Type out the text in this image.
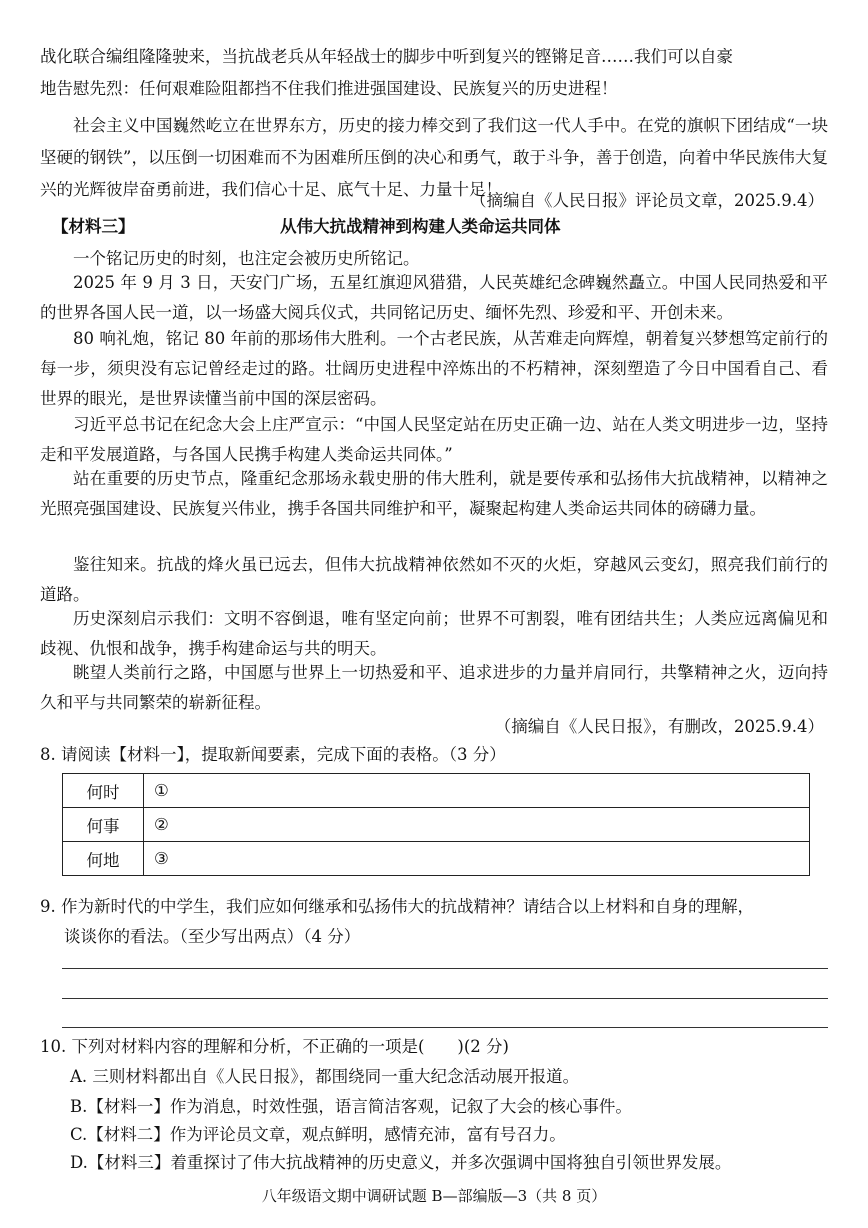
战化联合编组隆隆驶来，当抗战老兵从年轻战士的脚步中听到复兴的铿锵足音……我们可以自豪
地告慰先烈：任何艰难险阻都挡不住我们推进强国建设、民族复兴的历史进程！
社会主义中国巍然屹立在世界东方，历史的接力棒交到了我们这一代人手中。在党的旗帜下团结成“一块坚硬的钢铁”，以压倒一切困难而不为困难所压倒的决心和勇气，敢于斗争，善于创造，向着中华民族伟大复兴的光辉彼岸奋勇前进，我们信心十足、底气十足、力量十足！
（摘编自《人民日报》评论员文章，2025.9.4）
【材料三】	从伟大抗战精神到构建人类命运共同体
一个铭记历史的时刻，也注定会被历史所铭记。
2025 年 9 月 3 日，天安门广场，五星红旗迎风猎猎，人民英雄纪念碑巍然矗立。中国人民同热爱和平的世界各国人民一道，以一场盛大阅兵仪式，共同铭记历史、缅怀先烈、珍爱和平、开创未来。
80 响礼炮，铭记 80 年前的那场伟大胜利。一个古老民族，从苦难走向辉煌，朝着复兴梦想笃定前行的每一步，须臾没有忘记曾经走过的路。壮阔历史进程中淬炼出的不朽精神，深刻塑造了今日中国看自己、看世界的眼光，是世界读懂当前中国的深层密码。
习近平总书记在纪念大会上庄严宣示：“中国人民坚定站在历史正确一边、站在人类文明进步一边，坚持走和平发展道路，与各国人民携手构建人类命运共同体。”
站在重要的历史节点，隆重纪念那场永载史册的伟大胜利，就是要传承和弘扬伟大抗战精神，以精神之光照亮强国建设、民族复兴伟业，携手各国共同维护和平，凝聚起构建人类命运共同体的磅礴力量。
鉴往知来。抗战的烽火虽已远去，但伟大抗战精神依然如不灭的火炬，穿越风云变幻，照亮我们前行的道路。
历史深刻启示我们：文明不容倒退，唯有坚定向前；世界不可割裂，唯有团结共生；人类应远离偏见和歧视、仇恨和战争，携手构建命运与共的明天。
眺望人类前行之路，中国愿与世界上一切热爱和平、追求进步的力量并肩同行，共擎精神之火，迈向持久和平与共同繁荣的崭新征程。
（摘编自《人民日报》，有删改，2025.9.4）
8. 请阅读【材料一】，提取新闻要素，完成下面的表格。（3 分）
何时	①
何事	②
何地	③
9. 作为新时代的中学生，我们应如何继承和弘扬伟大的抗战精神？请结合以上材料和自身的理解，
谈谈你的看法。（至少写出两点）（4 分）
10. 下列对材料内容的理解和分析，不正确的一项是(　　)(2 分)
A. 三则材料都出自《人民日报》，都围绕同一重大纪念活动展开报道。
B.【材料一】作为消息，时效性强，语言简洁客观，记叙了大会的核心事件。
C.【材料二】作为评论员文章，观点鲜明，感情充沛，富有号召力。
D.【材料三】着重探讨了伟大抗战精神的历史意义，并多次强调中国将独自引领世界发展。
八年级语文期中调研试题 B—部编版—3（共 8 页）
